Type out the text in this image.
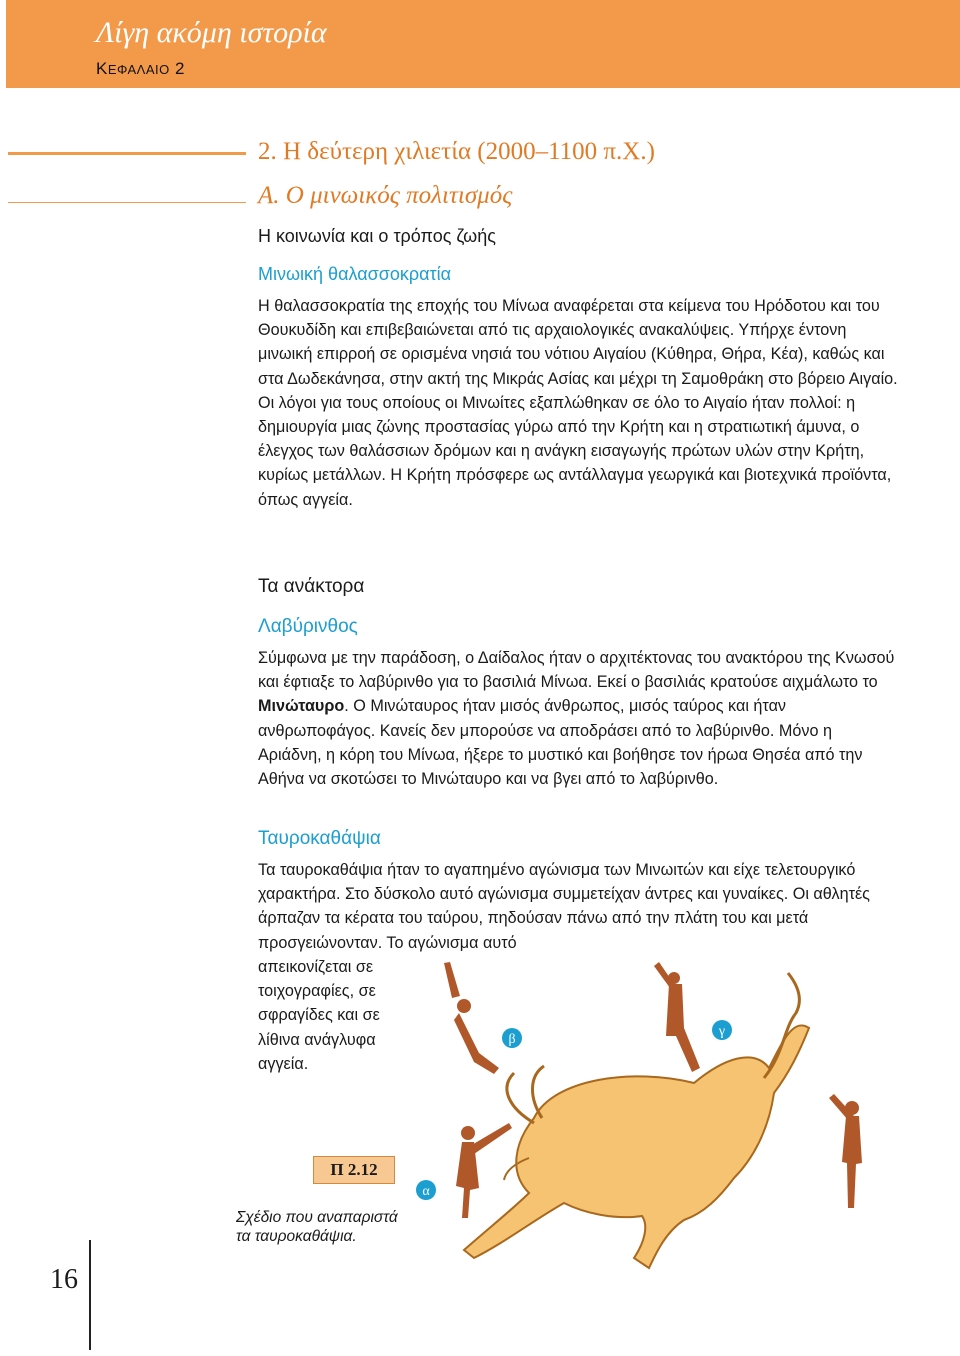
Λίγη ακόμη ιστορία
ΚΕΦΑΛΑΙΟ 2
2. Η δεύτερη χιλιετία (2000–1100 π.Χ.)
Α. Ο μινωικός πολιτισμός
Η κοινωνία και ο τρόπος ζωής
Μινωική θαλασσοκρατία

Η θαλασσοκρατία της εποχής του Μίνωα αναφέρεται στα κείμενα του Ηρόδοτου και του Θουκυδίδη και επιβεβαιώνεται από τις αρχαιολογικές ανακαλύψεις. Υπήρχε έντονη μινωική επιρροή σε ορισμένα νησιά του νότιου Αιγαίου (Κύθηρα, Θήρα, Κέα), καθώς και στα Δωδεκάνησα, στην ακτή της Μικράς Ασίας και μέχρι τη Σαμοθράκη στο βόρειο Αιγαίο. Οι λόγοι για τους οποίους οι Μινωίτες εξαπλώθηκαν σε όλο το Αιγαίο ήταν πολλοί: η δημιουργία μιας ζώνης προστασίας γύρω από την Κρήτη και η στρατιωτική άμυνα, ο έλεγχος των θαλάσσιων δρόμων και η ανάγκη εισαγωγής πρώτων υλών στην Κρήτη, κυρίως μετάλλων. Η Κρήτη πρόσφερε ως αντάλλαγμα γεωργικά και βιοτεχνικά προϊόντα, όπως αγγεία.

Τα ανάκτορα
Λαβύρινθος

Σύμφωνα με την παράδοση, ο Δαίδαλος ήταν ο αρχιτέκτονας του ανακτόρου της Κνωσού και έφτιαξε το λαβύρινθο για το βασιλιά Μίνωα. Εκεί ο βασιλιάς κρατούσε αιχμάλωτο το Μινώταυρο. Ο Μινώταυρος ήταν μισός άνθρωπος, μισός ταύρος και ήταν ανθρωποφάγος. Κανείς δεν μπορούσε να αποδράσει από το λαβύρινθο. Μόνο η Αριάδνη, η κόρη του Μίνωα, ήξερε το μυστικό και βοήθησε τον ήρωα Θησέα από την Αθήνα να σκοτώσει το Μινώταυρο και να βγει από το λαβύρινθο.

Ταυροκαθάψια

Τα ταυροκαθάψια ήταν το αγαπημένο αγώνισμα των Μινωιτών και είχε τελετουργικό χαρακτήρα. Στο δύσκολο αυτό αγώνισμα συμμετείχαν άντρες και γυναίκες. Οι αθλητές άρπαζαν τα κέρατα του ταύρου, πηδούσαν πάνω από την πλάτη του και μετά προσγειώνονταν. Το αγώνισμα αυτό

απεικονίζεται σε τοιχογραφίες, σε σφραγίδες και σε λίθινα ανάγλυφα αγγεία.
α
β
γ
Π 2.12
Σχέδιο που αναπαριστά τα ταυροκαθάψια.
16
